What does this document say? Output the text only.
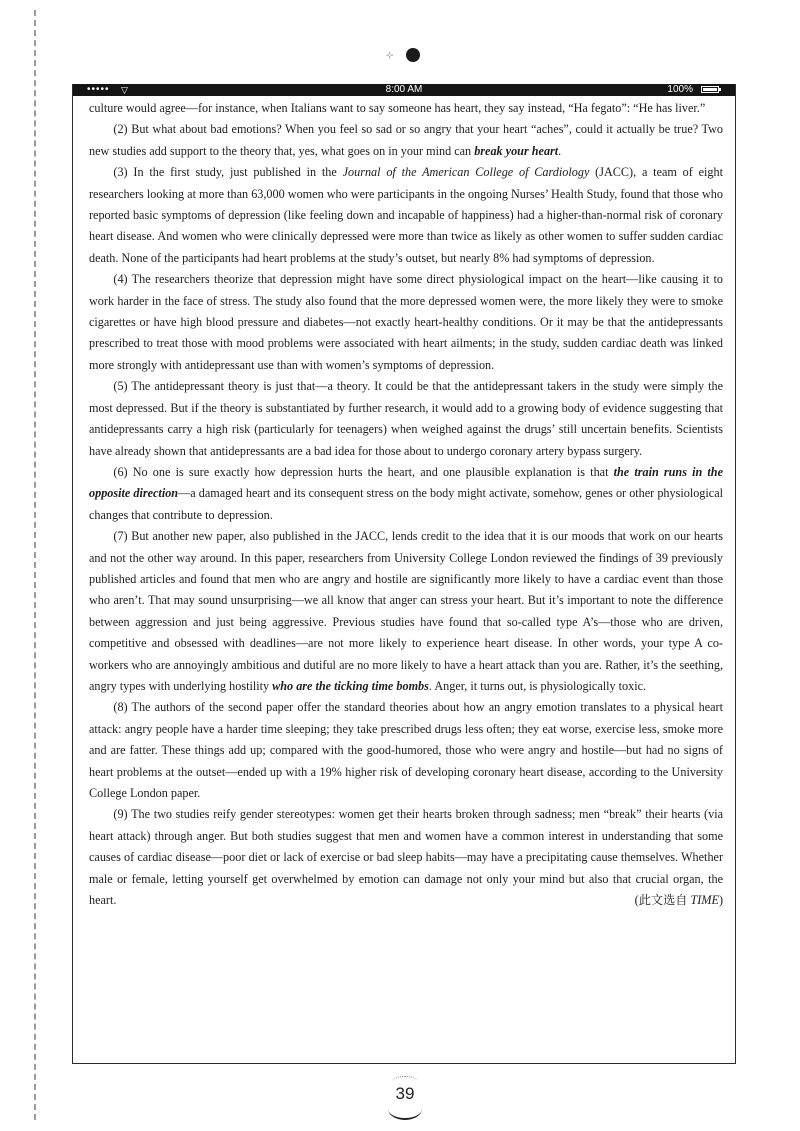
⊹
••••• ▽	8:00 AM	100%

culture would agree—for instance, when Italians want to say someone has heart, they say instead, “Ha fegato”: “He has liver.”

(2) But what about bad emotions? When you feel so sad or so angry that your heart “aches”, could it actually be true? Two new studies add support to the theory that, yes, what goes on in your mind can break your heart.

(3) In the first study, just published in the Journal of the American College of Cardiology (JACC), a team of eight researchers looking at more than 63,000 women who were participants in the ongoing Nurses’ Health Study, found that those who reported basic symptoms of depression (like feeling down and incapable of happiness) had a higher-than-normal risk of coronary heart disease. And women who were clinically depressed were more than twice as likely as other women to suffer sudden cardiac death. None of the participants had heart problems at the study’s outset, but nearly 8% had symptoms of depression.

(4) The researchers theorize that depression might have some direct physiological impact on the heart—like causing it to work harder in the face of stress. The study also found that the more depressed women were, the more likely they were to smoke cigarettes or have high blood pressure and diabetes—not exactly heart-healthy conditions. Or it may be that the antidepressants prescribed to treat those with mood problems were associated with heart ailments; in the study, sudden cardiac death was linked more strongly with antidepressant use than with women’s symptoms of depression.

(5) The antidepressant theory is just that—a theory. It could be that the antidepressant takers in the study were simply the most depressed. But if the theory is substantiated by further research, it would add to a growing body of evidence suggesting that antidepressants carry a high risk (particularly for teenagers) when weighed against the drugs’ still uncertain benefits. Scientists have already shown that antidepressants are a bad idea for those about to undergo coronary artery bypass surgery.

(6) No one is sure exactly how depression hurts the heart, and one plausible explanation is that the train runs in the opposite direction—a damaged heart and its consequent stress on the body might activate, somehow, genes or other physiological changes that contribute to depression.

(7) But another new paper, also published in the JACC, lends credit to the idea that it is our moods that work on our hearts and not the other way around. In this paper, researchers from University College London reviewed the findings of 39 previously published articles and found that men who are angry and hostile are significantly more likely to have a cardiac event than those who aren’t. That may sound unsurprising—we all know that anger can stress your heart. But it’s important to note the difference between aggression and just being aggressive. Previous studies have found that so-called type A’s—those who are driven, competitive and obsessed with deadlines—are not more likely to experience heart disease. In other words, your type A co-workers who are annoyingly ambitious and dutiful are no more likely to have a heart attack than you are. Rather, it’s the seething, angry types with underlying hostility who are the ticking time bombs. Anger, it turns out, is physiologically toxic.

(8) The authors of the second paper offer the standard theories about how an angry emotion translates to a physical heart attack: angry people have a harder time sleeping; they take prescribed drugs less often; they eat worse, exercise less, smoke more and are fatter. These things add up; compared with the good-humored, those who were angry and hostile—but had no signs of heart problems at the outset—ended up with a 19% higher risk of developing coronary heart disease, according to the University College London paper.

(9) The two studies reify gender stereotypes: women get their hearts broken through sadness; men “break” their hearts (via heart attack) through anger. But both studies suggest that men and women have a common interest in understanding that some causes of cardiac disease—poor diet or lack of exercise or bad sleep habits—may have a precipitating cause themselves. Whether male or female, letting yourself get overwhelmed by emotion can damage not only your mind but also that crucial organ, the heart.	(此文选自 TIME)

39
